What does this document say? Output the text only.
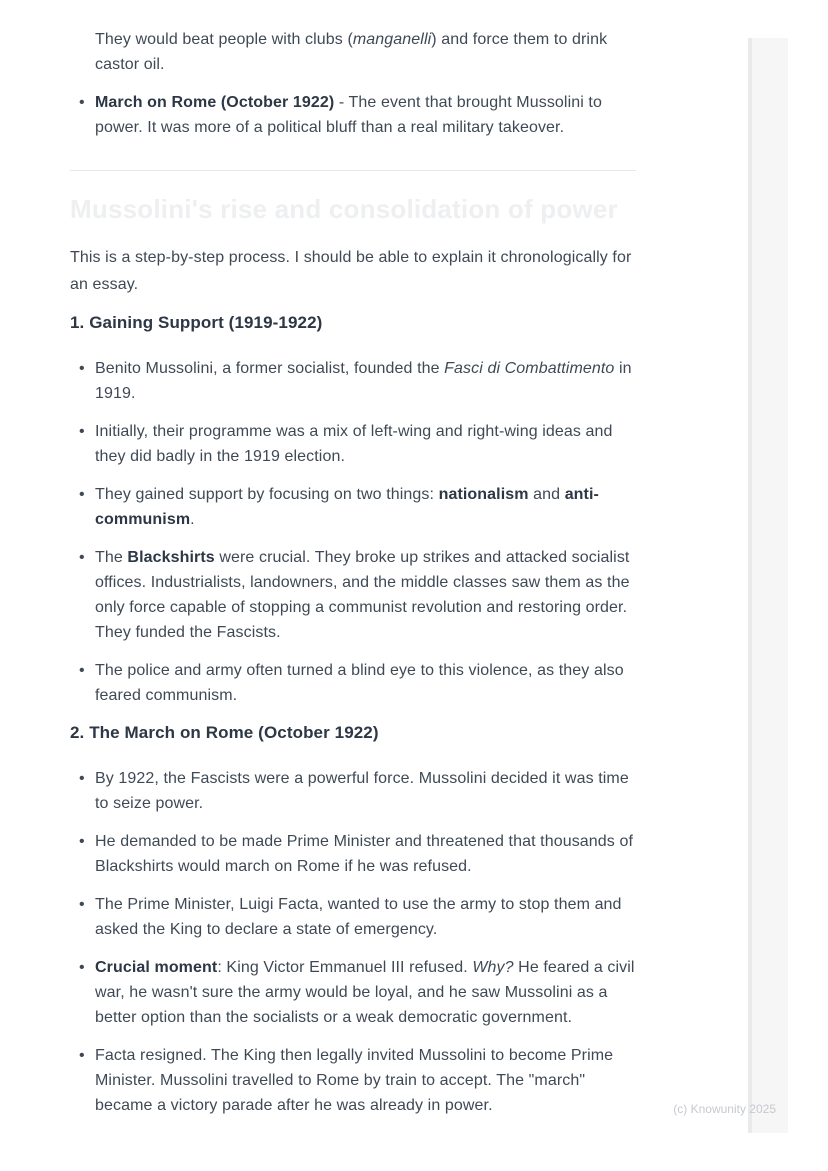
They would beat people with clubs (manganelli) and force them to drink castor oil.
• March on Rome (October 1922) - The event that brought Mussolini to power. It was more of a political bluff than a real military takeover.
Mussolini's rise and consolidation of power

This is a step-by-step process. I should be able to explain it chronologically for an essay.

1. Gaining Support (1919-1922)
• Benito Mussolini, a former socialist, founded the Fasci di Combattimento in 1919.
• Initially, their programme was a mix of left-wing and right-wing ideas and they did badly in the 1919 election.
• They gained support by focusing on two things: nationalism and anti-communism.
• The Blackshirts were crucial. They broke up strikes and attacked socialist offices. Industrialists, landowners, and the middle classes saw them as the only force capable of stopping a communist revolution and restoring order. They funded the Fascists.
• The police and army often turned a blind eye to this violence, as they also feared communism.
2. The March on Rome (October 1922)
• By 1922, the Fascists were a powerful force. Mussolini decided it was time to seize power.
• He demanded to be made Prime Minister and threatened that thousands of Blackshirts would march on Rome if he was refused.
• The Prime Minister, Luigi Facta, wanted to use the army to stop them and asked the King to declare a state of emergency.
• Crucial moment: King Victor Emmanuel III refused. Why? He feared a civil war, he wasn't sure the army would be loyal, and he saw Mussolini as a better option than the socialists or a weak democratic government.
• Facta resigned. The King then legally invited Mussolini to become Prime Minister. Mussolini travelled to Rome by train to accept. The "march" became a victory parade after he was already in power.	(c) Knowunity 2025
